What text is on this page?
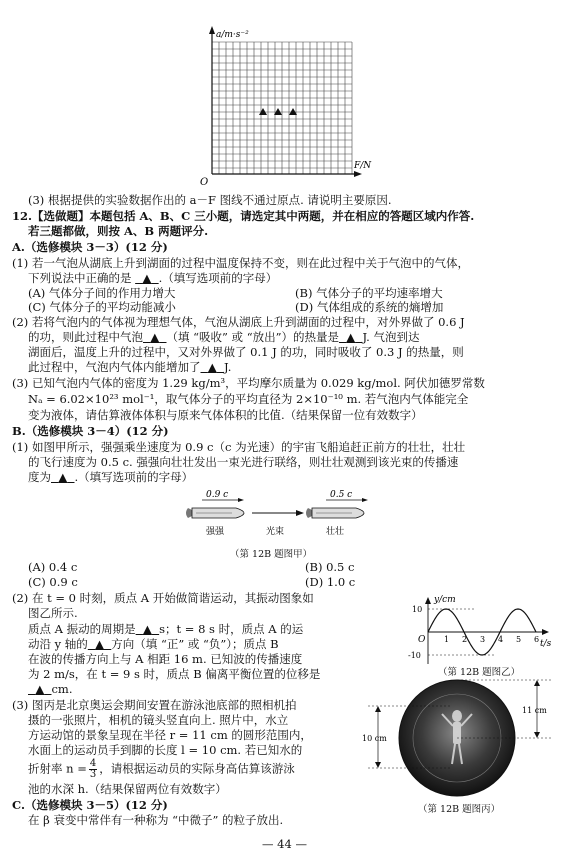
a/m·s⁻²
F/N
O
(3) 根据提供的实验数据作出的 a－F 图线不通过原点. 请说明主要原因.
12.【选做题】本题包括 A、B、C 三小题，请选定其中两题，并在相应的答题区域内作答.
若三题都做，则按 A、B 两题评分.
A.（选修模块 3－3）(12 分)
(1) 若一气泡从湖底上升到湖面的过程中温度保持不变，则在此过程中关于气泡中的气体，
下列说法中正确的是 ▲ .（填写选项前的字母）
(A) 气体分子间的作用力增大	(B) 气体分子的平均速率增大
(C) 气体分子的平均动能减小	(D) 气体组成的系统的熵增加
(2) 若将气泡内的气体视为理想气体，气泡从湖底上升到湖面的过程中，对外界做了 0.6 J
的功，则此过程中气泡 ▲ （填 “吸收” 或 “放出”）的热量是 ▲ J. 气泡到达
湖面后，温度上升的过程中，又对外界做了 0.1 J 的功，同时吸收了 0.3 J 的热量，则
此过程中，气泡内气体内能增加了 ▲ J.
(3) 已知气泡内气体的密度为 1.29 kg/m³，平均摩尔质量为 0.029 kg/mol. 阿伏加德罗常数
Nₐ = 6.02×10²³ mol⁻¹，取气体分子的平均直径为 2×10⁻¹⁰ m. 若气泡内气体能完全
变为液体，请估算液体体积与原来气体体积的比值.（结果保留一位有效数字）
B.（选修模块 3－4）(12 分)
(1) 如图甲所示，强强乘坐速度为 0.9 c（c 为光速）的宇宙飞船追赶正前方的壮壮，壮壮
的飞行速度为 0.5 c. 强强向壮壮发出一束光进行联络，则壮壮观测到该光束的传播速
度为 ▲ .（填写选项前的字母）
0.9 c	0.5 c
强强	光束	壮壮
（第 12B 题图甲）
(A) 0.4 c	(B) 0.5 c
(C) 0.9 c	(D) 1.0 c
(2) 在 t = 0 时刻，质点 A 开始做简谐运动，其振动图象如
图乙所示.
质点 A 振动的周期是 ▲ s；t = 8 s 时，质点 A 的运
动沿 y 轴的 ▲ 方向（填 “正” 或 “负”）；质点 B
在波的传播方向上与 A 相距 16 m. 已知波的传播速度
为 2 m/s，在 t = 9 s 时，质点 B 偏离平衡位置的位移是
▲ cm.
y/cm
t/s
O
10
-10
1 2 3 4 5 6
（第 12B 题图乙）
(3) 图丙是北京奥运会期间安置在游泳池底部的照相机拍
摄的一张照片，相机的镜头竖直向上. 照片中，水立
方运动馆的景象呈现在半径 r = 11 cm 的圆形范围内，
水面上的运动员手到脚的长度 l = 10 cm. 若已知水的
折射率 $n = \frac{4}{3}$ ，请根据运动员的实际身高估算该游泳
池的水深 h.（结果保留两位有效数字）
11 cm
10 cm
（第 12B 题图丙）
C.（选修模块 3－5）(12 分)
在 β 衰变中常伴有一种称为 “中微子” 的粒子放出.
— 44 —
